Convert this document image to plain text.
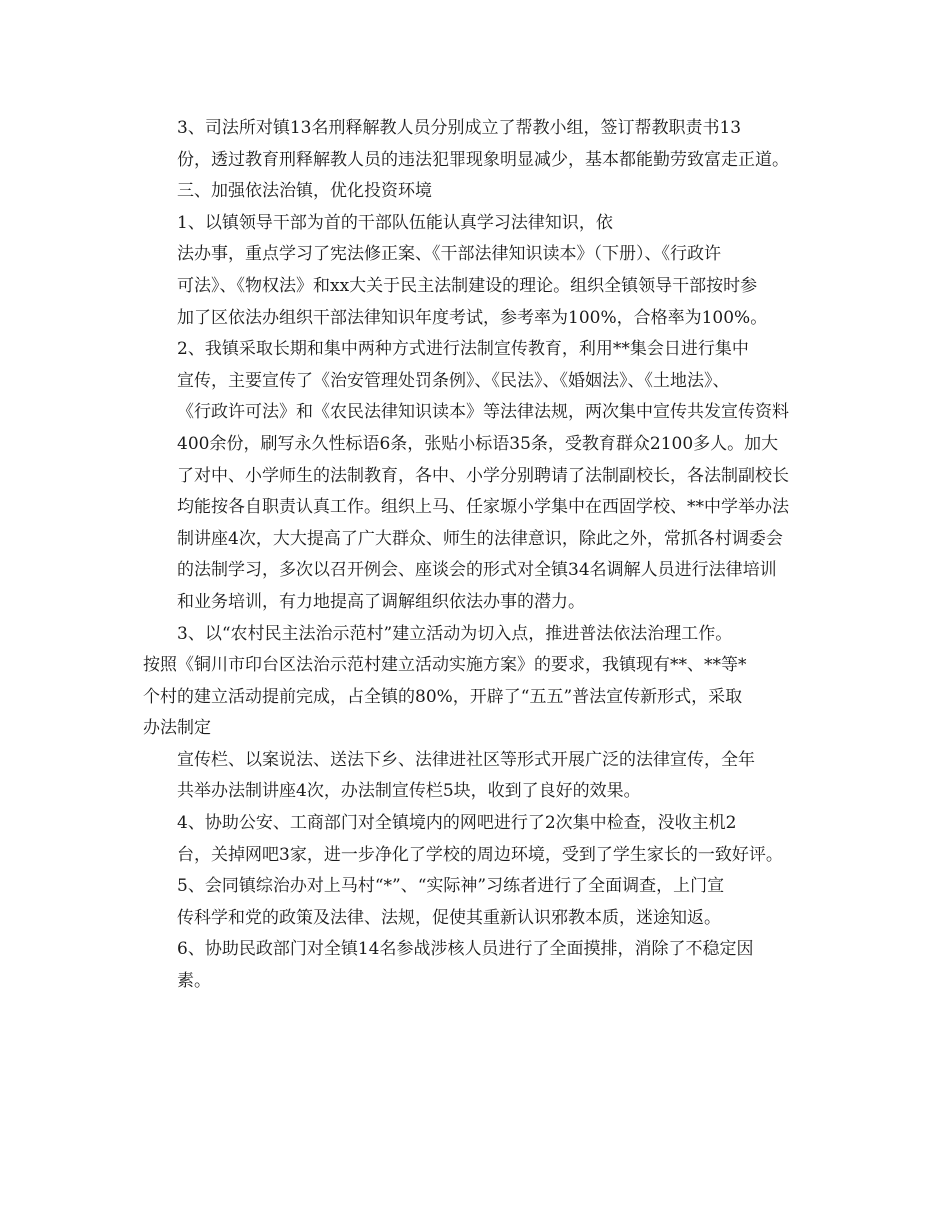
3、司法所对镇13名刑释解教人员分别成立了帮教小组，签订帮教职责书13
份，透过教育刑释解教人员的违法犯罪现象明显减少，基本都能勤劳致富走正道。

三、加强依法治镇，优化投资环境

1、以镇领导干部为首的干部队伍能认真学习法律知识，依

法办事，重点学习了宪法修正案、《干部法律知识读本》（下册）、《行政许
可法》、《物权法》和xx大关于民主法制建设的理论。组织全镇领导干部按时参
加了区依法办组织干部法律知识年度考试，参考率为100%，合格率为100%。

2、我镇采取长期和集中两种方式进行法制宣传教育，利用**集会日进行集中
宣传，主要宣传了《治安管理处罚条例》、《民法》、《婚姻法》、《土地法》、
《行政许可法》和《农民法律知识读本》等法律法规，两次集中宣传共发宣传资料
400余份，刷写永久性标语6条，张贴小标语35条，受教育群众2100多人。加大
了对中、小学师生的法制教育，各中、小学分别聘请了法制副校长，各法制副校长
均能按各自职责认真工作。组织上马、任家塬小学集中在西固学校、**中学举办法
制讲座4次，大大提高了广大群众、师生的法律意识，除此之外，常抓各村调委会
的法制学习，多次以召开例会、座谈会的形式对全镇34名调解人员进行法律培训
和业务培训，有力地提高了调解组织依法办事的潜力。

3、以“农村民主法治示范村”建立活动为切入点，推进普法依法治理工作。

按照《铜川市印台区法治示范村建立活动实施方案》的要求，我镇现有**、**等*
个村的建立活动提前完成，占全镇的80%，开辟了“五五”普法宣传新形式，采取
办法制定

宣传栏、以案说法、送法下乡、法律进社区等形式开展广泛的法律宣传，全年
共举办法制讲座4次，办法制宣传栏5块，收到了良好的效果。

4、协助公安、工商部门对全镇境内的网吧进行了2次集中检查，没收主机2
台，关掉网吧3家，进一步净化了学校的周边环境，受到了学生家长的一致好评。

5、会同镇综治办对上马村“*”、“实际神”习练者进行了全面调查，上门宣
传科学和党的政策及法律、法规，促使其重新认识邪教本质，迷途知返。

6、协助民政部门对全镇14名参战涉核人员进行了全面摸排，消除了不稳定因
素。
